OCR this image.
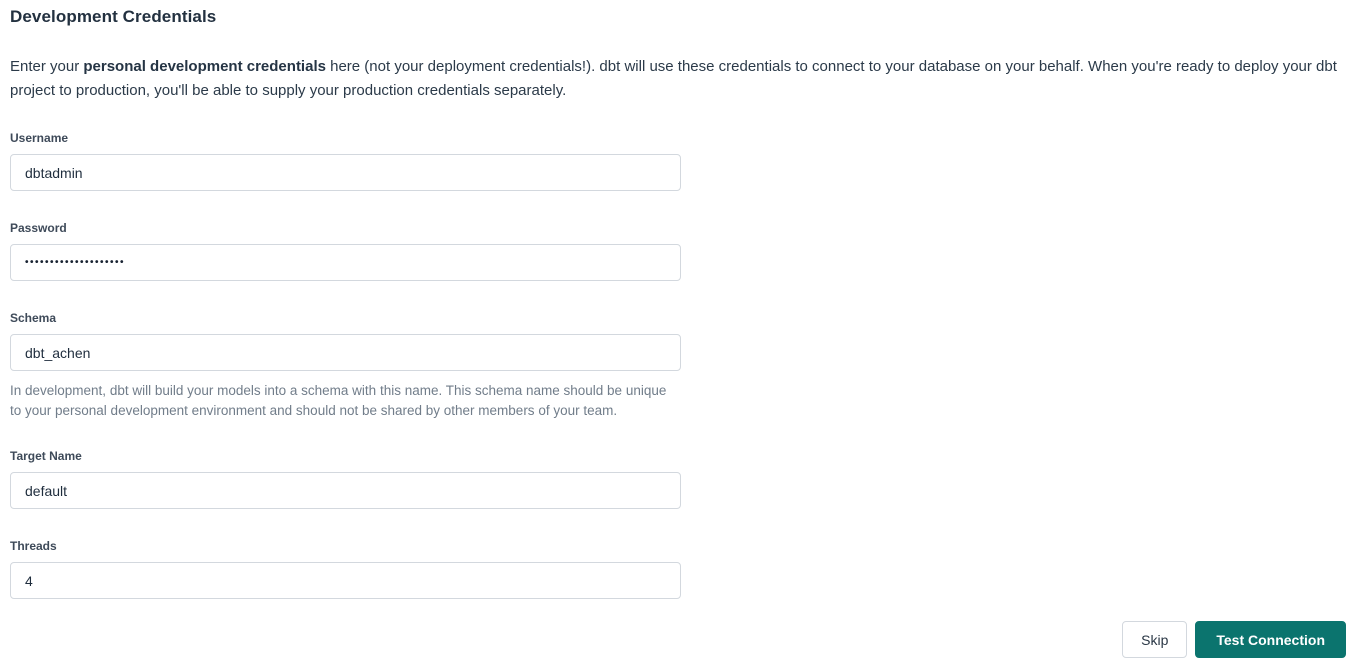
Development Credentials

Enter your personal development credentials here (not your deployment credentials!). dbt will use these credentials to connect to your database on your behalf. When you're ready to deploy your dbt project to production, you'll be able to supply your production credentials separately.

Username
dbtadmin
Password
••••••••••••••••••••
Schema
dbt_achen

In development, dbt will build your models into a schema with this name. This schema name should be unique to your personal development environment and should not be shared by other members of your team.

Target Name
default
Threads
4
Skip	Test Connection
